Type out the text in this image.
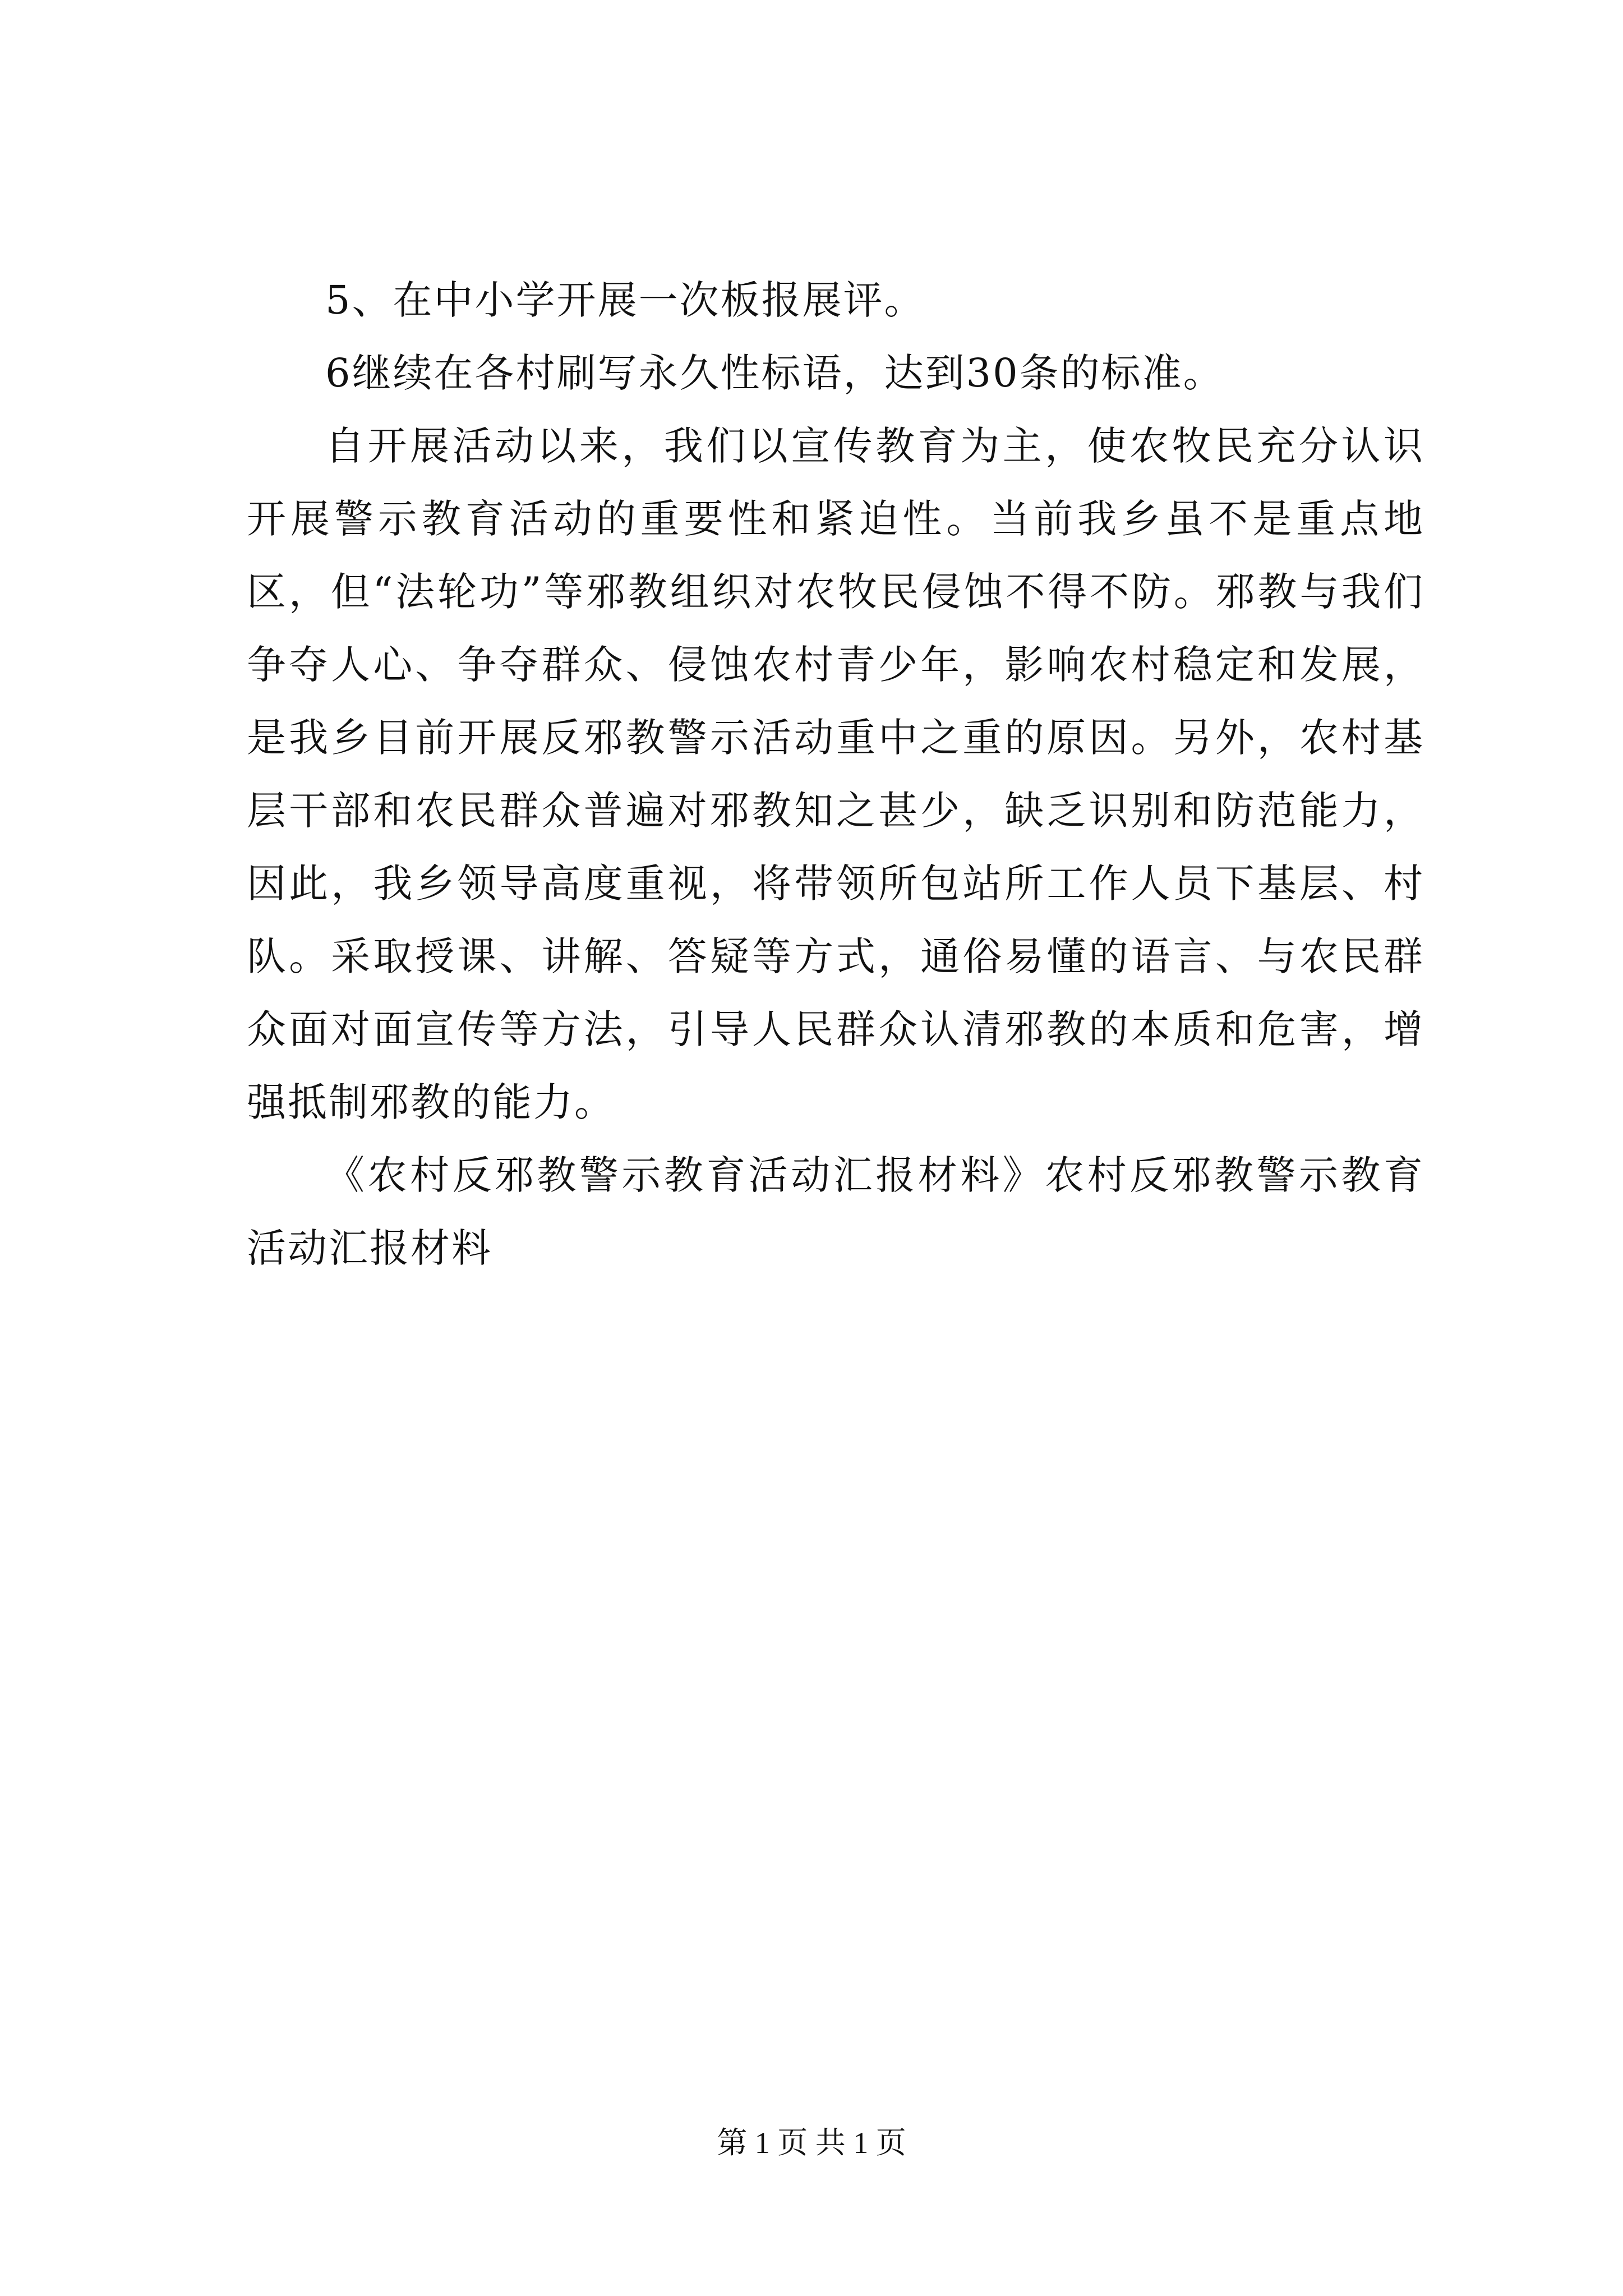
5、在中小学开展一次板报展评。

6继续在各村刷写永久性标语，达到30条的标准。

自开展活动以来，我们以宣传教育为主，使农牧民充分认识开展警示教育活动的重要性和紧迫性。当前我乡虽不是重点地区，但“法轮功”等邪教组织对农牧民侵蚀不得不防。邪教与我们争夺人心、争夺群众、侵蚀农村青少年，影响农村稳定和发展，是我乡目前开展反邪教警示活动重中之重的原因。另外，农村基层干部和农民群众普遍对邪教知之甚少，缺乏识别和防范能力，因此，我乡领导高度重视，将带领所包站所工作人员下基层、村队。采取授课、讲解、答疑等方式，通俗易懂的语言、与农民群众面对面宣传等方法，引导人民群众认清邪教的本质和危害，增强抵制邪教的能力。

《农村反邪教警示教育活动汇报材料》农村反邪教警示教育活动汇报材料

第 1 页 共 1 页
